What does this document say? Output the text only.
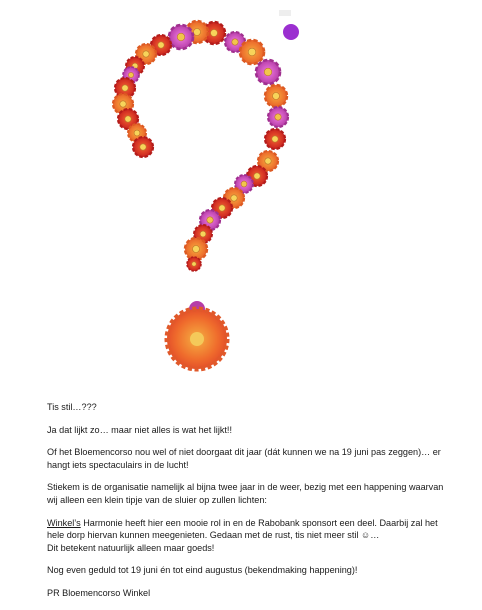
Tis stil…???

Ja dat lijkt zo… maar niet alles is wat het lijkt!!

Of het Bloemencorso nou wel of niet doorgaat dit jaar (dát kunnen we na 19 juni pas zeggen)… er
hangt iets spectaculairs in de lucht!

Stiekem is de organisatie namelijk al bijna twee jaar in de weer, bezig met een happening waarvan
wij alleen een klein tipje van de sluier op zullen lichten:

Winkel’s Harmonie heeft hier een mooie rol in en de Rabobank sponsort een deel. Daarbij zal het
hele dorp hiervan kunnen meegenieten. Gedaan met de rust, tis niet meer stil ☺…
Dit betekent natuurlijk alleen maar goeds!

Nog even geduld tot 19 juni én tot eind augustus (bekendmaking happening)!

PR Bloemencorso Winkel
